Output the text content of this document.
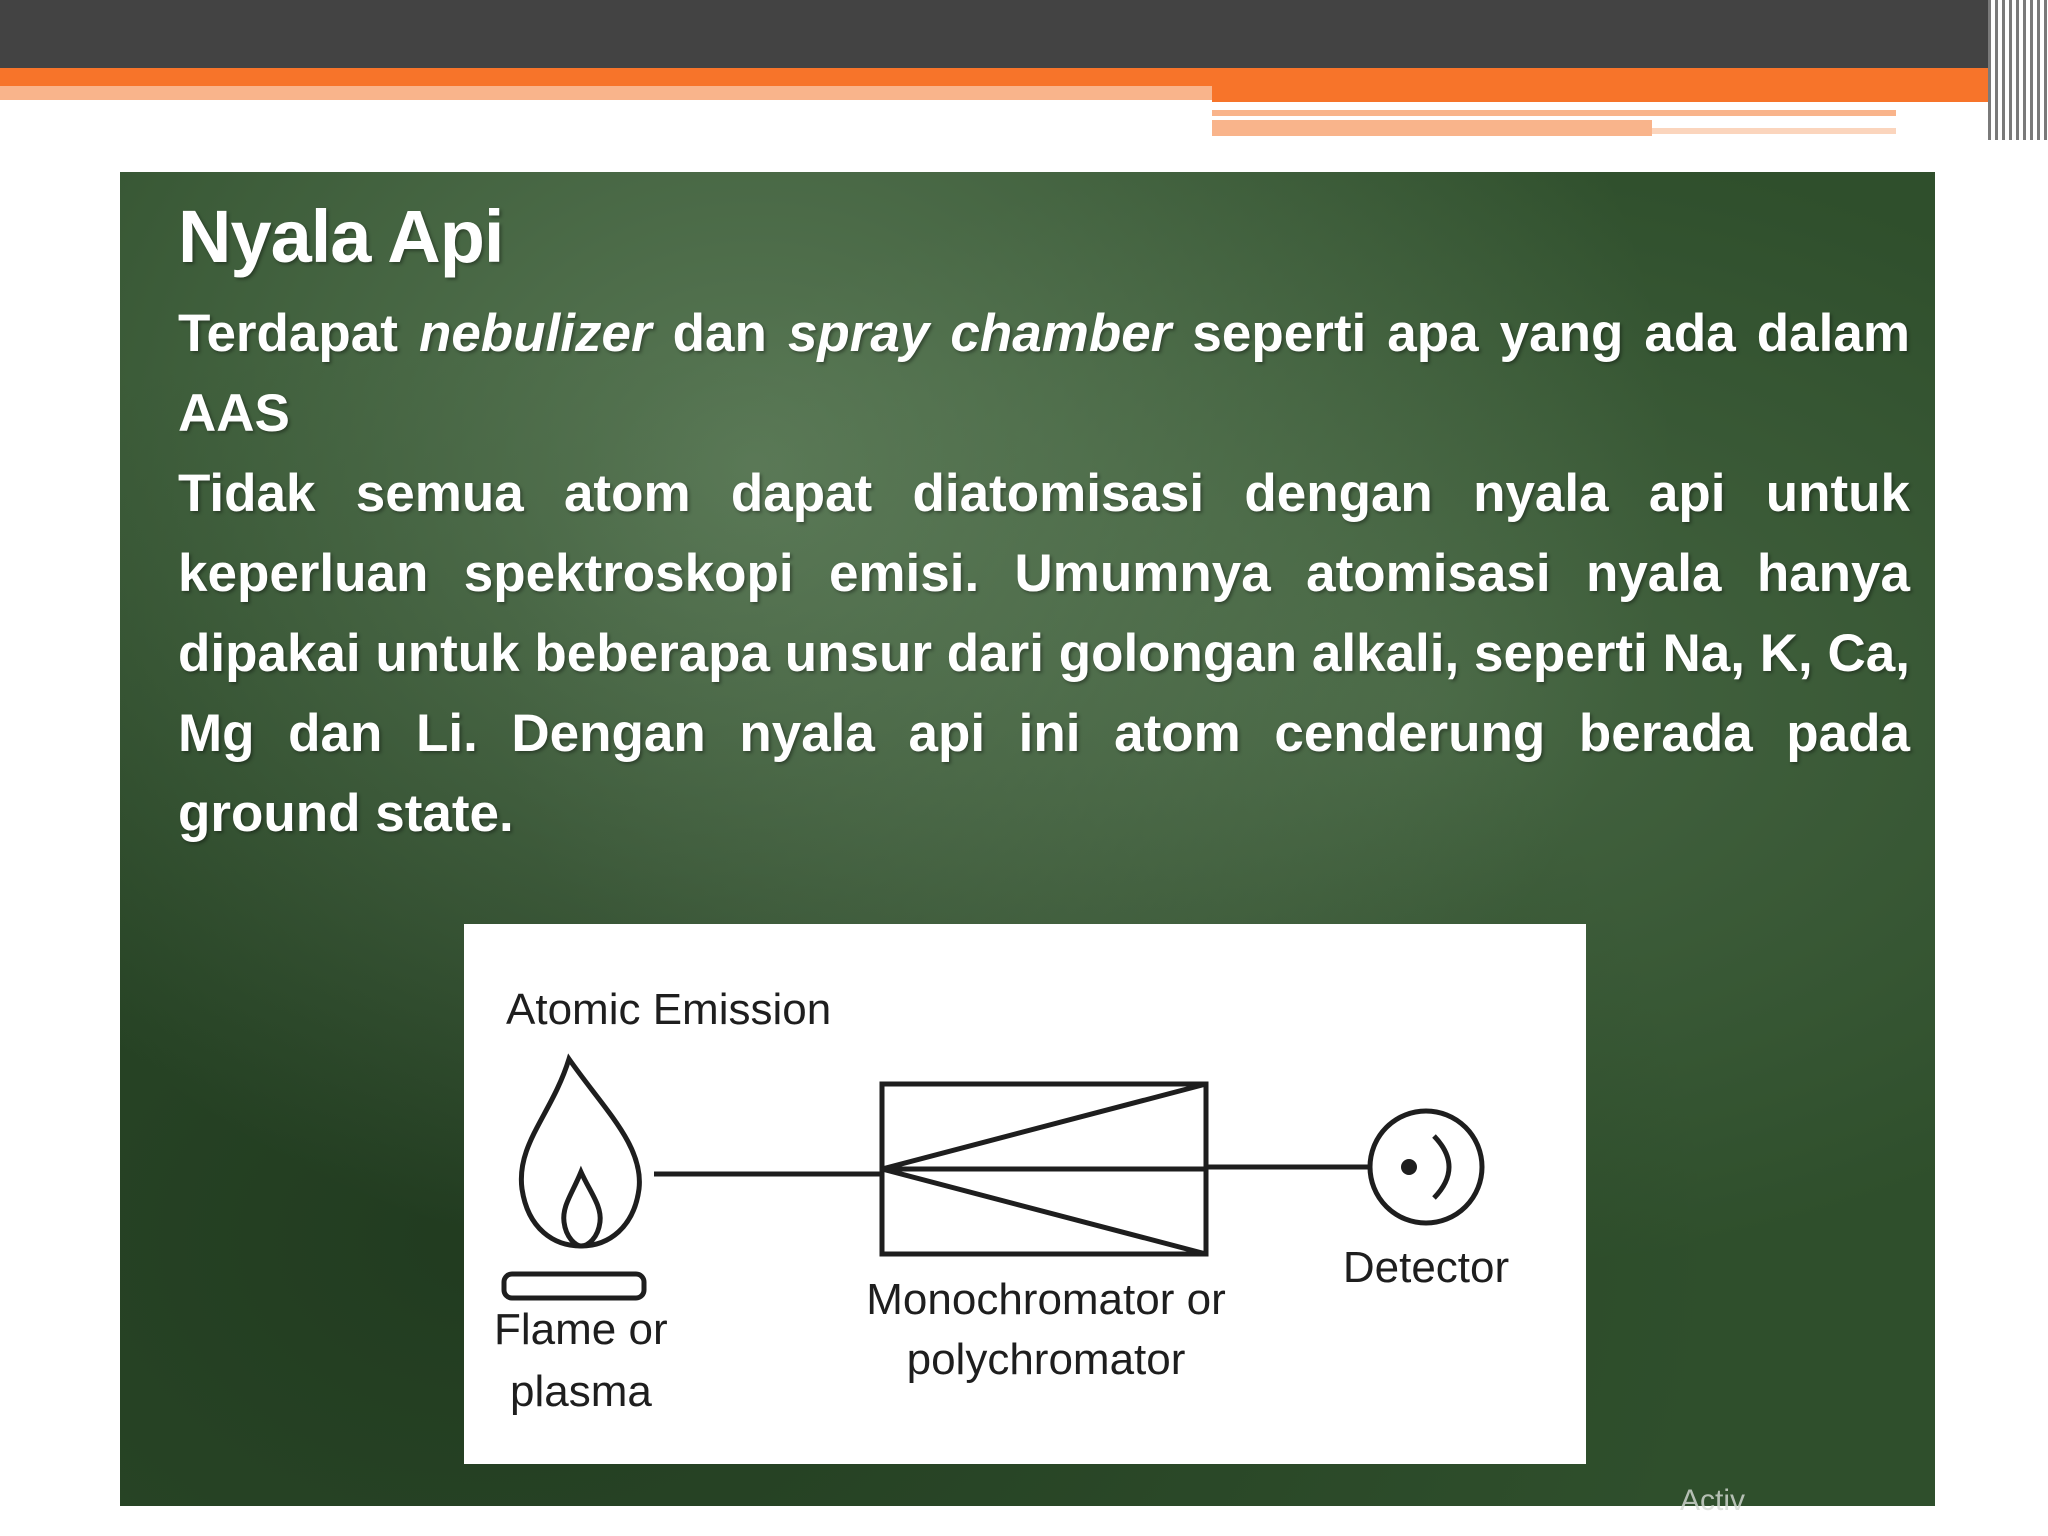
Nyala Api

Terdapat nebulizer dan spray chamber seperti apa yang ada dalam AAS

Tidak semua atom dapat diatomisasi dengan nyala api untuk keperluan spektroskopi emisi. Umumnya atomisasi nyala hanya dipakai untuk beberapa unsur dari golongan alkali, seperti Na, K, Ca, Mg dan Li. Dengan nyala api ini atom cenderung berada pada ground state.

Atomic Emission
Flame or
plasma
Monochromator or
polychromator
Detector
Activ
